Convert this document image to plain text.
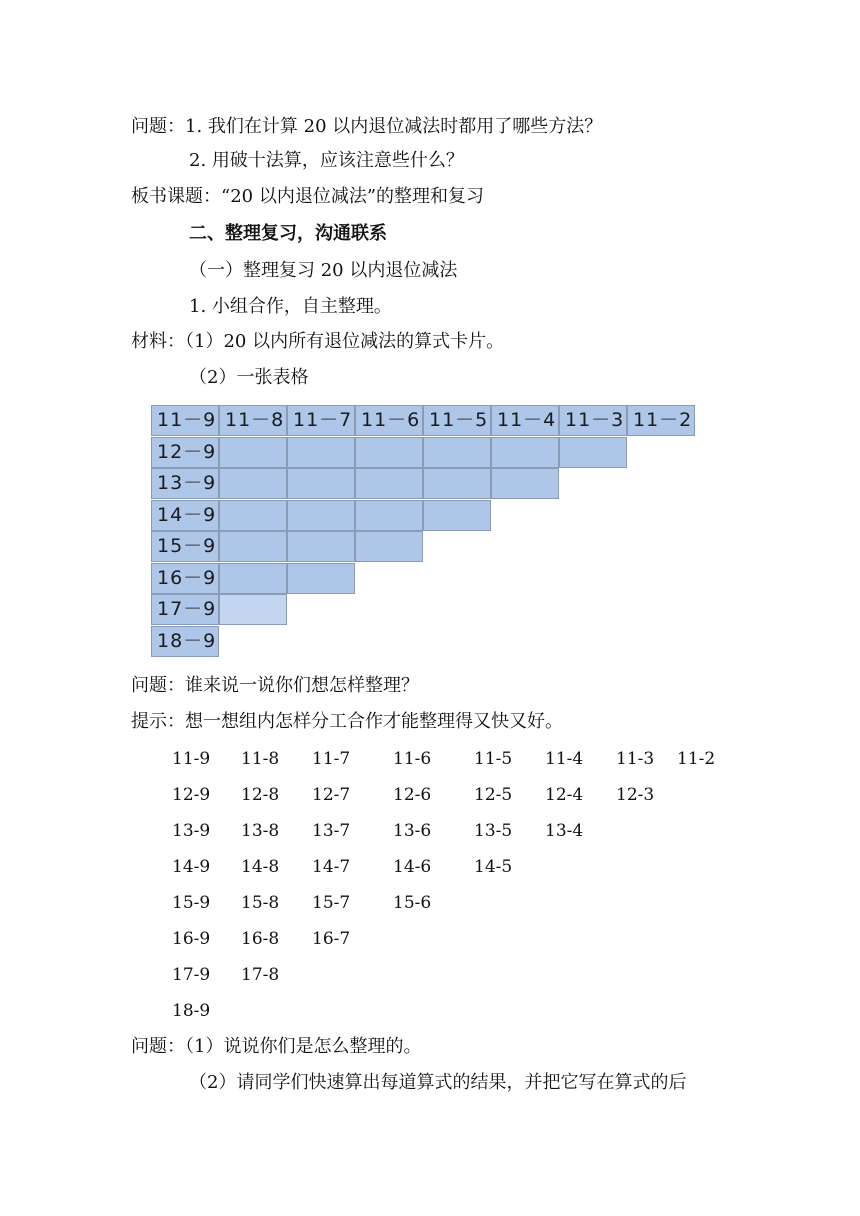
问题：1. 我们在计算 20 以内退位减法时都用了哪些方法？
2. 用破十法算，应该注意些什么？
板书课题：“20 以内退位减法”的整理和复习
二、整理复习，沟通联系
（一）整理复习 20 以内退位减法
1. 小组合作，自主整理。
材料：（1）20 以内所有退位减法的算式卡片。
（2）一张表格
11－9 11－8 11－7 11－6 11－5 11－4 11－3 11－2
12－9
13－9
14－9
15－9
16－9
17－9
18－9
问题：谁来说一说你们想怎样整理？
提示：想一想组内怎样分工合作才能整理得又快又好。
11-9 11-8 11-7	11-6	11-5 11-4 11-3 11-2
12-9 12-8 12-7	12-6	12-5 12-4 12-3
13-9 13-8 13-7	13-6	13-5 13-4
14-9 14-8 14-7	14-6	14-5
15-9 15-8 15-7	15-6
16-9 16-8 16-7
17-9 17-8
18-9
问题：（1）说说你们是怎么整理的。
（2）请同学们快速算出每道算式的结果，并把它写在算式的后
